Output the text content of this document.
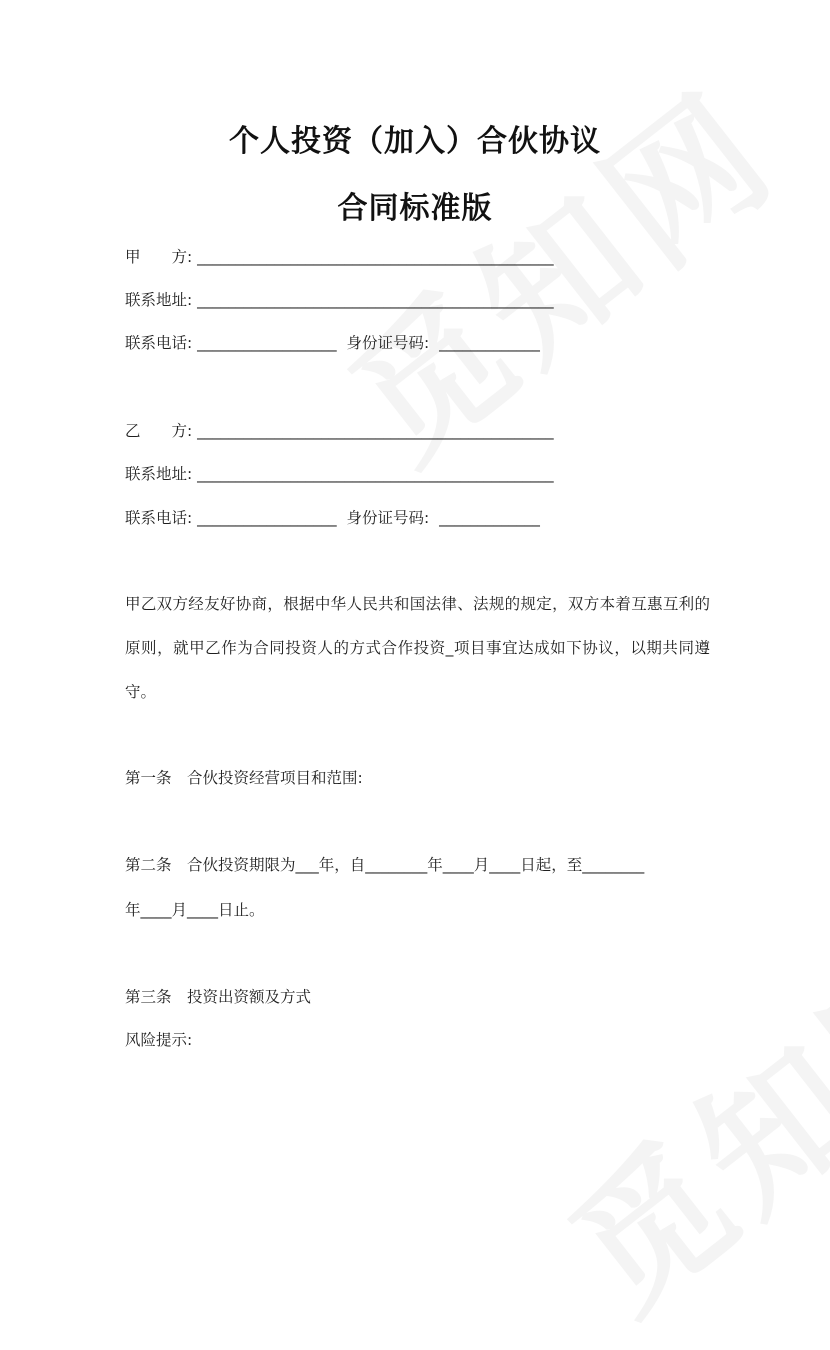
个人投资（加入）合伙协议
合同标准版
甲　　方: ______________________________________________
联系地址: ______________________________________________
联系电话: __________________  身份证号码:  _____________
乙　　方: ______________________________________________
联系地址: ______________________________________________
联系电话: __________________  身份证号码:  _____________
甲乙双方经友好协商，根据中华人民共和国法律、法规的规定，双方本着互惠互利的原则，就甲乙作为合同投资人的方式合作投资_项目事宜达成如下协议，以期共同遵守。
第一条　合伙投资经营项目和范围:
第二条　合伙投资期限为___年，自________年____月____日起，至________
年____月____日止。
第三条　投资出资额及方式
风险提示:
